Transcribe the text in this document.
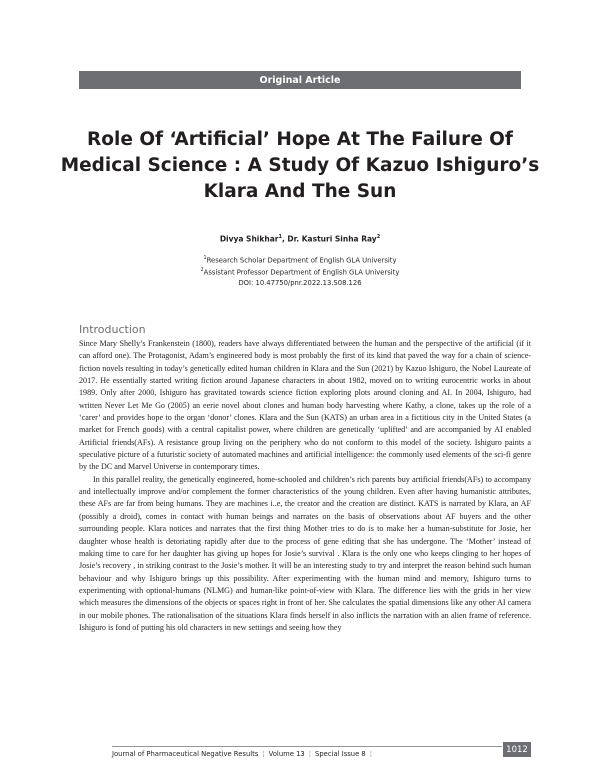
Original Article
Role Of ‘Artificial’ Hope At The Failure Of Medical Science : A Study Of Kazuo Ishiguro’s Klara And The Sun
Divya Shikhar$^1$, Dr. Kasturi Sinha Ray$^2$
$^1$Research Scholar Department of English GLA University
$^2$Assistant Professor Department of English GLA University
DOI: 10.47750/pnr.2022.13.S08.126
Introduction

Since Mary Shelly’s Frankenstein (1800), readers have always differentiated between the human and the perspective of the artificial (if it can afford one). The Protagonist, Adam’s engineered body is most probably the first of its kind that paved the way for a chain of science-fiction novels resulting in today’s genetically edited human children in Klara and the Sun (2021) by Kazuo Ishiguro, the Nobel Laureate of 2017. He essentially started writing fiction around Japanese characters in about 1982, moved on to writing eurocentric works in about 1989. Only after 2000, Ishiguro has gravitated towards science fiction exploring plots around cloning and AI. In 2004, Ishiguro, had written Never Let Me Go (2005) an eerie novel about clones and human body harvesting where Kathy, a clone, takes up the role of a ‘carer’ and provides hope to the organ ‘donor’ clones. Klara and the Sun (KATS) an urban area in a fictitious city in the United States (a market for French goods) with a central capitalist power, where children are genetically ‘uplifted’ and are accompanied by AI enabled Artificial friends(AFs). A resistance group living on the periphery who do not conform to this model of the society. Ishiguro paints a speculative picture of a futuristic society of automated machines and artificial intelligence: the commonly used elements of the sci-fi genre by the DC and Marvel Universe in contemporary times.

In this parallel reality, the genetically engineered, home-schooled and children’s rich parents buy artificial friends(AFs) to accompany and intellectually improve and/or complement the former characteristics of the young children. Even after having humanistic attributes, these AFs are far from being humans. They are machines i..e, the creator and the creation are distinct. KATS is narrated by Klara, an AF (possibly a droid), comes in contact with human beings and narrates on the basis of observations about AF buyers and the other surrounding people. Klara notices and narrates that the first thing Mother tries to do is to make her a human-substitute for Josie, her daughter whose health is detoriating rapidly after due to the process of gene editing that she has undergone. The ‘Mother’ instead of making time to care for her daughter has giving up hopes for Josie’s survival . Klara is the only one who keeps clinging to her hopes of Josie’s recovery , in striking contrast to the Josie’s mother. It will be an interesting study to try and interpret the reason behind such human behaviour and why Ishiguro brings up this possibility. After experimenting with the human mind and memory, Ishiguro turns to experimenting with optional-humans (NLMG) and human-like point-of-view with Klara. The difference lies with the grids in her view which measures the dimensions of the objects or spaces right in front of her. She calculates the spatial dimensions like any other AI camera in our mobile phones. The rationalisation of the situations Klara finds herself in also inflicts the narration with an alien frame of reference. Ishiguro is fond of putting his old characters in new settings and seeing how they

Journal of Pharmaceutical Negative Results ¦ Volume 13 ¦ Special Issue 8 ¦	1012
